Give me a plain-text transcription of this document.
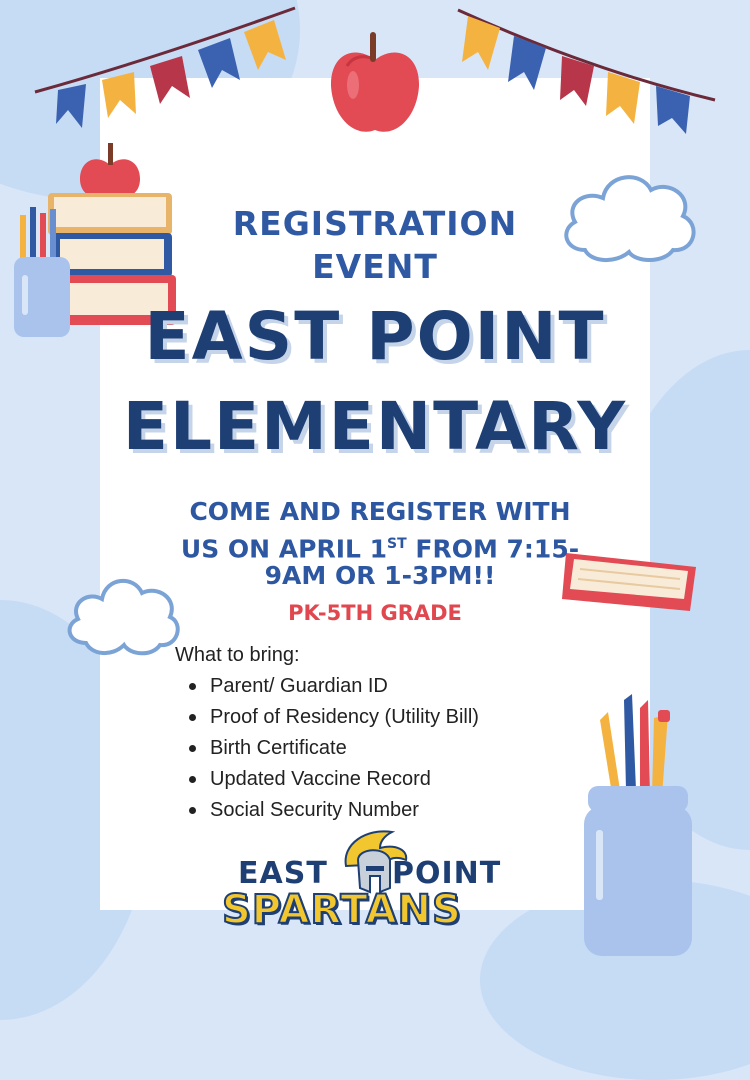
REGISTRATION
EVENT
EAST POINT
ELEMENTARY
COME AND REGISTER WITH
US ON APRIL 1ST FROM 7:15-
9AM OR 1-3PM!!
PK-5TH GRADE
What to bring:
Parent/ Guardian ID
Proof of Residency (Utility Bill)
Birth Certificate
Updated Vaccine Record
Social Security Number
EAST POINT
SPARTANS
